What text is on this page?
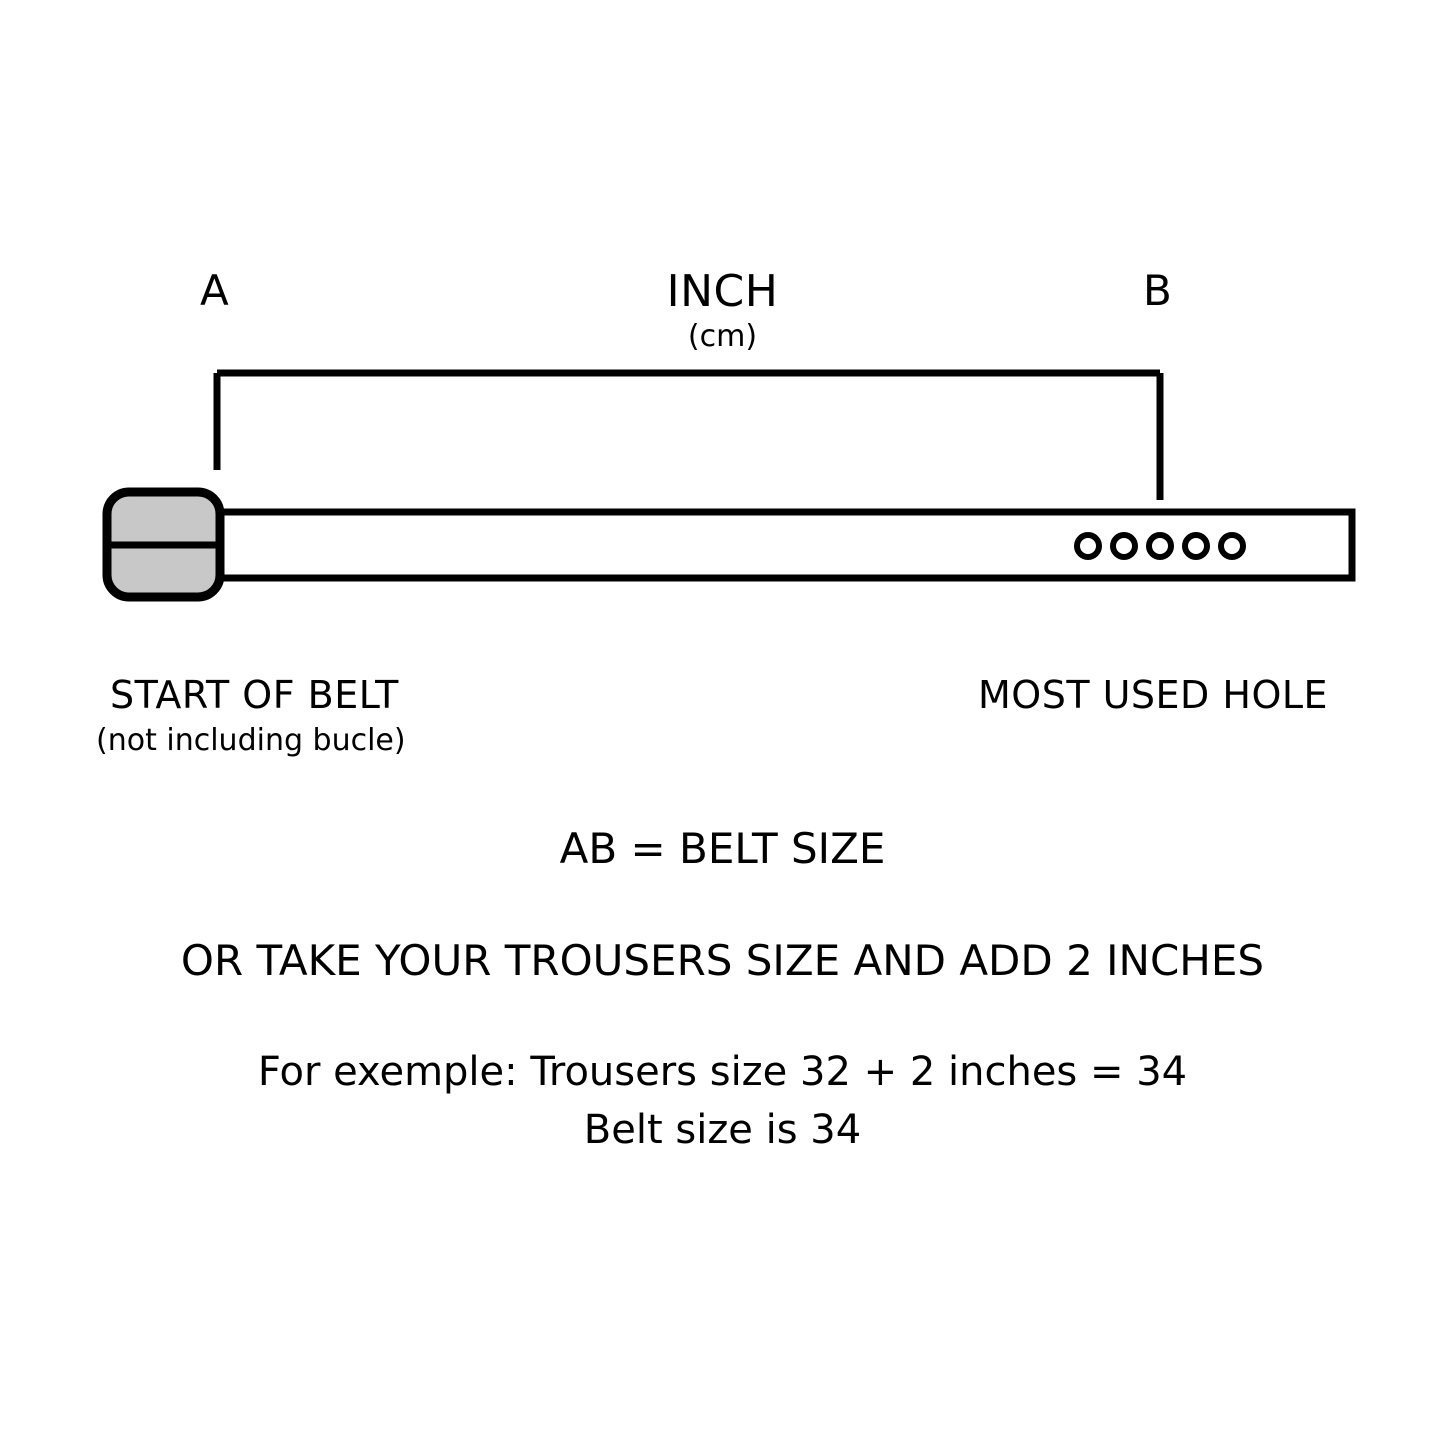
A	B
INCH
(cm)
START OF BELT
(not including bucle)
MOST USED HOLE
AB = BELT SIZE
OR TAKE YOUR TROUSERS SIZE AND ADD 2 INCHES
For exemple: Trousers size 32 + 2 inches = 34
Belt size is 34
